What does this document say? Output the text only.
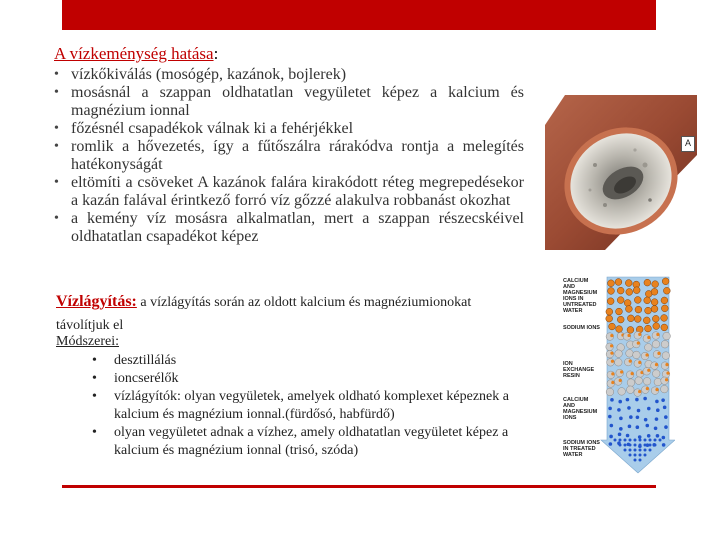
A vízkeménység hatása:
• vízkőkiválás (mosógép, kazánok, bojlerek)
• mosásnál a szappan oldhatatlan vegyületet képez a kalcium és magnézium ionnal
• főzésnél csapadékok válnak ki a fehérjékkel
• romlik a hővezetés, így a fűtőszálra rárakódva rontja a melegítés hatékonyságát
• eltömíti a csöveket A kazánok falára kirakódott réteg megrepedésekor a kazán falával érintkező forró víz gőzzé alakulva robbanást okozhat
• a kemény víz mosásra alkalmatlan, mert a szappan részecskéivel oldhatatlan csapadékot képez
Vízlágyítás: a vízlágyítás során az oldott kalcium és magnéziumionokat
távolítjuk el
Módszerei:
• desztillálás
• ioncserélők
• vízlágyítók: olyan vegyületek, amelyek oldható komplexet képeznek a kalcium és magnézium ionnal.(fürdősó, habfürdő)
• olyan vegyületet adnak a vízhez, amely oldhatatlan vegyületet képez a kalcium és magnézium ionnal (trisó, szóda)
A
CALCIUM AND MAGNESIUM IONS IN UNTREATED WATER
SODIUM IONS
ION EXCHANGE RESIN
CALCIUM AND MAGNESIUM IONS
SODIUM IONS IN TREATED WATER
